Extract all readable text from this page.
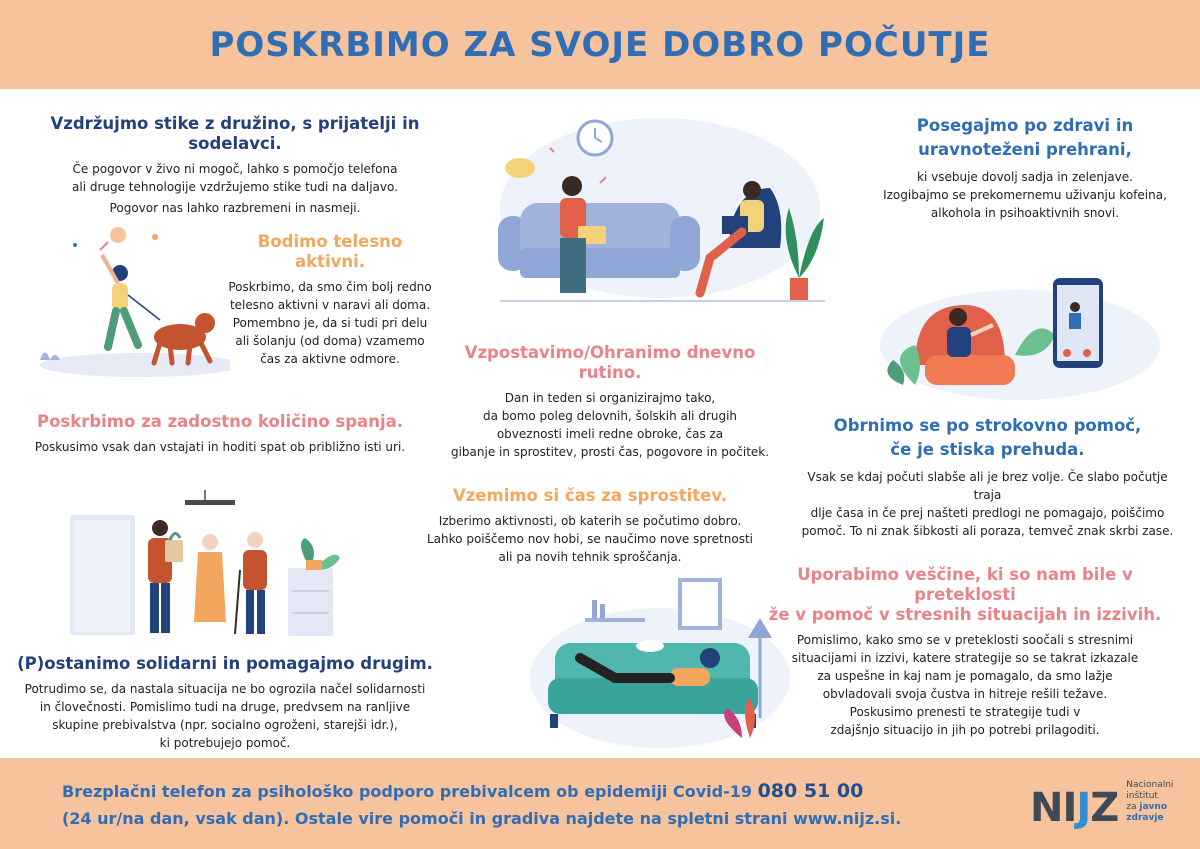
POSKRBIMO ZA SVOJE DOBRO POČUTJE
Vzdržujmo stike z družino, s prijatelji in sodelavci.

Če pogovor v živo ni mogoč, lahko s pomočjo telefona
ali druge tehnologije vzdržujemo stike tudi na daljavo.

Pogovor nas lahko razbremeni in nasmeji.

Bodimo telesno aktivni.

Poskrbimo, da smo čim bolj redno
telesno aktivni v naravi ali doma.
Pomembno je, da si tudi pri delu
ali šolanju (od doma) vzamemo
čas za aktivne odmore.

Poskrbimo za zadostno količino spanja.

Poskusimo vsak dan vstajati in hoditi spat ob približno isti uri.

(P)ostanimo solidarni in pomagajmo drugim.

Potrudimo se, da nastala situacija ne bo ogrozila načel solidarnosti
in človečnosti. Pomislimo tudi na druge, predvsem na ranljive
skupine prebivalstva (npr. socialno ogroženi, starejši idr.),
ki potrebujejo pomoč.

Vzpostavimo/Ohranimo dnevno rutino.

Dan in teden si organizirajmo tako,
da bomo poleg delovnih, šolskih ali drugih
obveznosti imeli redne obroke, čas za
gibanje in sprostitev, prosti čas, pogovore in počitek.

Vzemimo si čas za sprostitev.

Izberimo aktivnosti, ob katerih se počutimo dobro.
Lahko poiščemo nov hobi, se naučimo nove spretnosti
ali pa novih tehnik sproščanja.

Posegajmo po zdravi in
uravnoteženi prehrani,

ki vsebuje dovolj sadja in zelenjave.
Izogibajmo se prekomernemu uživanju kofeina,
alkohola in psihoaktivnih snovi.

Obrnimo se po strokovno pomoč,
če je stiska prehuda.

Vsak se kdaj počuti slabše ali je brez volje. Če slabo počutje traja
dlje časa in če prej našteti predlogi ne pomagajo, poiščimo
pomoč. To ni znak šibkosti ali poraza, temveč znak skrbi zase.

Uporabimo veščine, ki so nam bile v preteklosti
že v pomoč v stresnih situacijah in izzivih.

Pomislimo, kako smo se v preteklosti soočali s stresnimi
situacijami in izzivi, katere strategije so se takrat izkazale
za uspešne in kaj nam je pomagalo, da smo lažje
obvladovali svoja čustva in hitreje rešili težave.
Poskusimo prenesti te strategije tudi v
zdajšnjo situacijo in jih po potrebi prilagoditi.

Brezplačni telefon za psihološko podporo prebivalcem ob epidemiji Covid-19 080 51 00
(24 ur/na dan, vsak dan). Ostale vire pomoči in gradiva najdete na spletni strani www.nijz.si.	NIJZ Nacionalni inštitut
za javno zdravje
